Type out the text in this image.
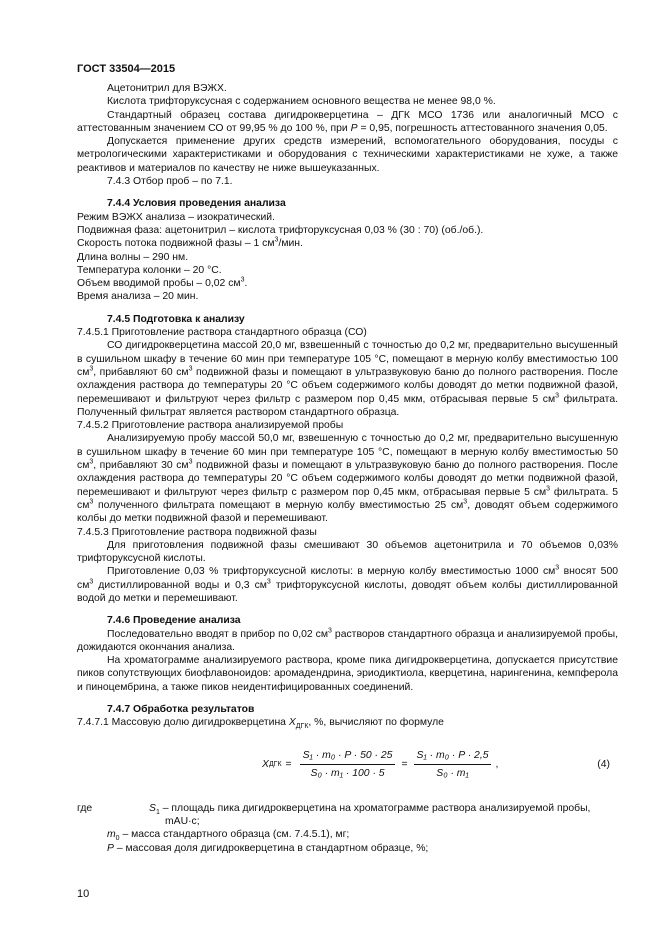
ГОСТ 33504—2015

Ацетонитрил для ВЭЖХ.

Кислота трифторуксусная с содержанием основного вещества не менее 98,0 %.

Стандартный образец состава дигидрокверцетина – ДГК МСО 1736 или аналогичный МСО с аттестованным значением СО от 99,95 % до 100 %, при Р = 0,95, погрешность аттестованного значения 0,05.

Допускается применение других средств измерений, вспомогательного оборудования, посуды с метрологическими характеристиками и оборудования с техническими характеристиками не хуже, а также реактивов и материалов по качеству не ниже вышеуказанных.

7.4.3 Отбор проб – по 7.1.

7.4.4 Условия проведения анализа

Режим ВЭЖХ анализа – изократический.

Подвижная фаза: ацетонитрил – кислота трифторуксусная 0,03 % (30 : 70) (об./об.).

Скорость потока подвижной фазы – 1 $см^3$/мин.

Длина волны – 290 нм.

Температура колонки – 20 °С.

Объем вводимой пробы – 0,02 $см^3$.

Время анализа – 20 мин.

7.4.5 Подготовка к анализу

7.4.5.1 Приготовление раствора стандартного образца (СО)

СО дигидрокверцетина массой 20,0 мг, взвешенный с точностью до 0,2 мг, предварительно высушенный в сушильном шкафу в течение 60 мин при температуре 105 °С, помещают в мерную колбу вместимостью 100 $см^3$, прибавляют 60 $см^3$ подвижной фазы и помещают в ультразвуковую баню до полного растворения. После охлаждения раствора до температуры 20 °С объем содержимого колбы доводят до метки подвижной фазой, перемешивают и фильтруют через фильтр с размером пор 0,45 мкм, отбрасывая первые 5 $см^3$ фильтрата. Полученный фильтрат является раствором стандартного образца.

7.4.5.2 Приготовление раствора анализируемой пробы

Анализируемую пробу массой 50,0 мг, взвешенную с точностью до 0,2 мг, предварительно высушенную в сушильном шкафу в течение 60 мин при температуре 105 °С, помещают в мерную колбу вместимостью 50 $см^3$, прибавляют 30 $см^3$ подвижной фазы и помещают в ультразвуковую баню до полного растворения. После охлаждения раствора до температуры 20 °С объем содержимого колбы доводят до метки подвижной фазой, перемешивают и фильтруют через фильтр с размером пор 0,45 мкм, отбрасывая первые 5 $см^3$ фильтрата. 5 $см^3$ полученного фильтрата помещают в мерную колбу вместимостью 25 $см^3$, доводят объем содержимого колбы до метки подвижной фазой и перемешивают.

7.4.5.3 Приготовление раствора подвижной фазы

Для приготовления подвижной фазы смешивают 30 объемов ацетонитрила и 70 объемов 0,03% трифторуксусной кислоты.

Приготовление 0,03 % трифторуксусной кислоты: в мерную колбу вместимостью 1000 $см^3$ вносят 500 $см^3$ дистиллированной воды и 0,3 $см^3$ трифторуксусной кислоты, доводят объем колбы дистиллированной водой до метки и перемешивают.

7.4.6 Проведение анализа

Последовательно вводят в прибор по 0,02 $см^3$ растворов стандартного образца и анализируемой пробы, дожидаются окончания анализа.

На хроматограмме анализируемого раствора, кроме пика дигидрокверцетина, допускается присутствие пиков сопутствующих биофлавоноидов: аромадендрина, эриодиктиола, кверцетина, нарингенина, кемпферола и пиноцембрина, а также пиков неидентифицированных соединений.

7.4.7 Обработка результатов

7.4.7.1 Массовую долю дигидрокверцетина $X_{ДГК}$, %, вычисляют по формуле

X ДГК = $\frac{\text{S₁ · m₀ · P · 50 · 25}}{\text{S₀ · m₁ · 100 · 5}} = \frac{\text{S₁ · m₀ · P · 2,5}}{\text{S₀ · m₁}}$ ,	(4)
где	$S_1$ – площадь пика дигидрокверцетина на хроматограмме раствора анализируемой пробы, mAU·c;

$m_0$ – масса стандартного образца (см. 7.4.5.1), мг;

Р – массовая доля дигидрокверцетина в стандартном образце, %;

10
